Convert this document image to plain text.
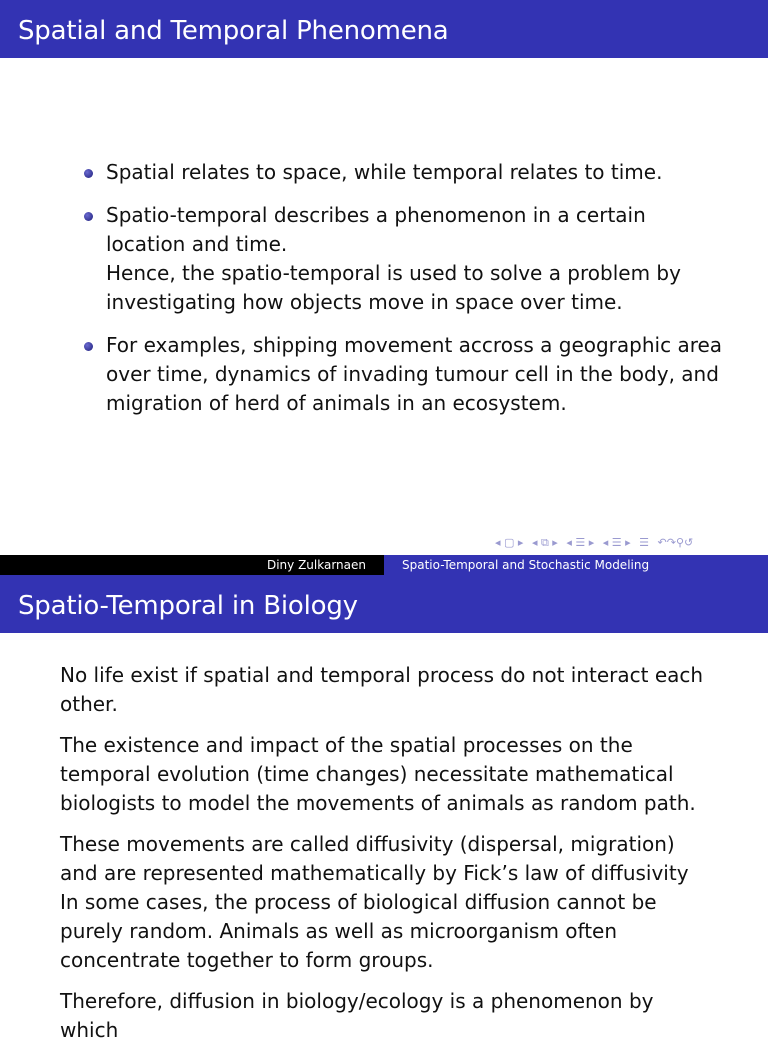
Spatial and Temporal Phenomena

Spatial relates to space, while temporal relates to time.

Spatio-temporal describes a phenomenon in a certain location and time.

Hence, the spatio-temporal is used to solve a problem by investigating how objects move in space over time.

For examples, shipping movement accross a geographic area over time, dynamics of invading tumour cell in the body, and migration of herd of animals in an ecosystem.

◂ ▢ ▸ ◂ ⧉ ▸ ◂ ☰ ▸ ◂ ☰ ▸ ☰ ↶↷⚲↺
Diny Zulkarnaen	Spatio-Temporal and Stochastic Modeling
Spatio-Temporal in Biology

No life exist if spatial and temporal process do not interact each other.

The existence and impact of the spatial processes on the temporal evolution (time changes) necessitate mathematical biologists to model the movements of animals as random path.

These movements are called diffusivity (dispersal, migration) and are represented mathematically by Fick’s law of diffusivity In some cases, the process of biological diffusion cannot be purely random. Animals as well as microorganism often concentrate together to form groups.

Therefore, diffusion in biology/ecology is a phenomenon by which
